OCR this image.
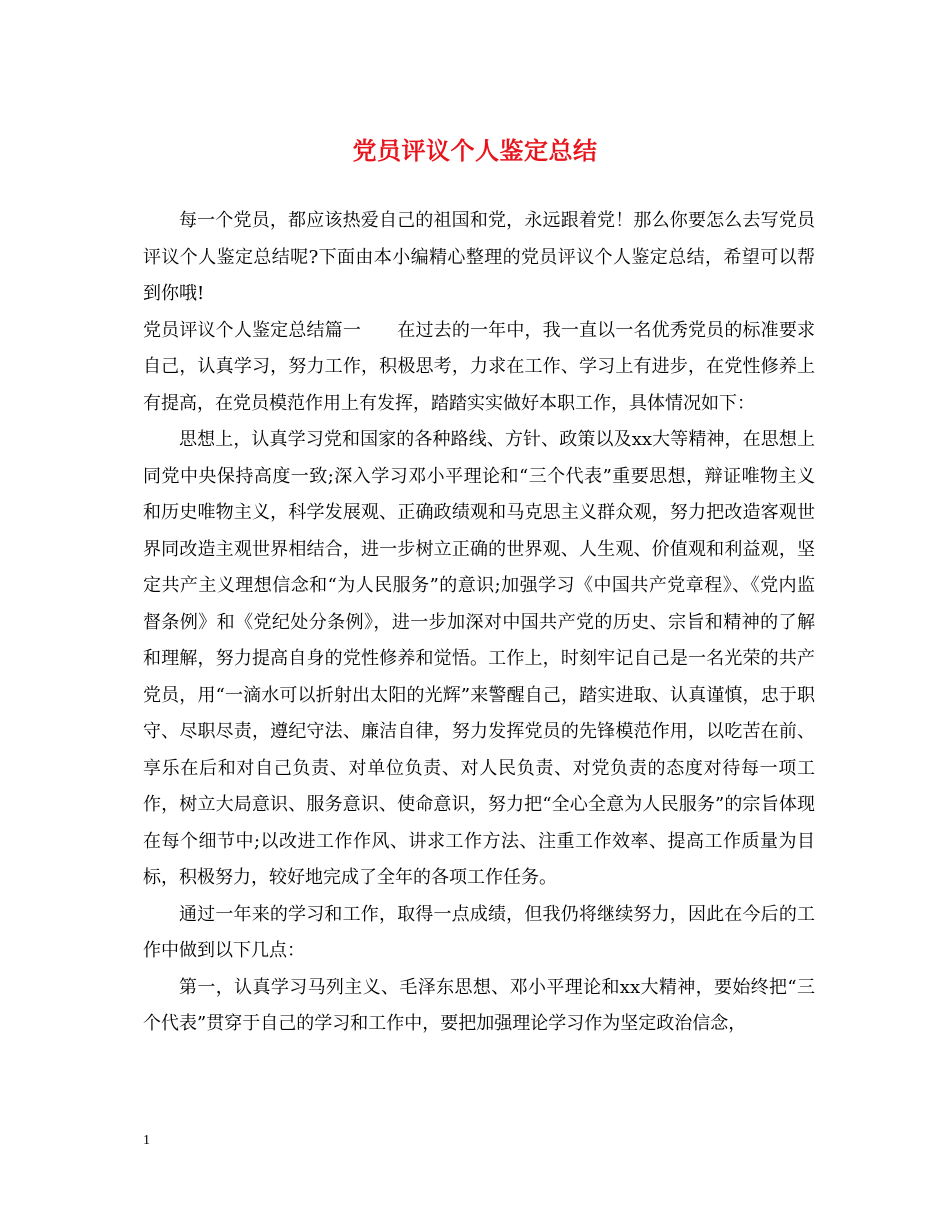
党员评议个人鉴定总结

每一个党员，都应该热爱自己的祖国和党，永远跟着党！那么你要怎么去写党员评议个人鉴定总结呢?下面由本小编精心整理的党员评议个人鉴定总结，希望可以帮到你哦!

党员评议个人鉴定总结篇一　　在过去的一年中，我一直以一名优秀党员的标准要求自己，认真学习，努力工作，积极思考，力求在工作、学习上有进步，在党性修养上有提高，在党员模范作用上有发挥，踏踏实实做好本职工作，具体情况如下：

思想上，认真学习党和国家的各种路线、方针、政策以及xx大等精神，在思想上同党中央保持高度一致;深入学习邓小平理论和“三个代表”重要思想，辩证唯物主义和历史唯物主义，科学发展观、正确政绩观和马克思主义群众观，努力把改造客观世界同改造主观世界相结合，进一步树立正确的世界观、人生观、价值观和利益观，坚定共产主义理想信念和“为人民服务”的意识;加强学习《中国共产党章程》、《党内监督条例》和《党纪处分条例》，进一步加深对中国共产党的历史、宗旨和精神的了解和理解，努力提高自身的党性修养和觉悟。工作上，时刻牢记自己是一名光荣的共产党员，用“一滴水可以折射出太阳的光辉”来警醒自己，踏实进取、认真谨慎，忠于职守、尽职尽责，遵纪守法、廉洁自律，努力发挥党员的先锋模范作用，以吃苦在前、享乐在后和对自己负责、对单位负责、对人民负责、对党负责的态度对待每一项工作，树立大局意识、服务意识、使命意识，努力把“全心全意为人民服务”的宗旨体现在每个细节中;以改进工作作风、讲求工作方法、注重工作效率、提高工作质量为目标，积极努力，较好地完成了全年的各项工作任务。

通过一年来的学习和工作，取得一点成绩，但我仍将继续努力，因此在今后的工作中做到以下几点：

第一，认真学习马列主义、毛泽东思想、邓小平理论和xx大精神，要始终把“三个代表”贯穿于自己的学习和工作中，要把加强理论学习作为坚定政治信念，

1
